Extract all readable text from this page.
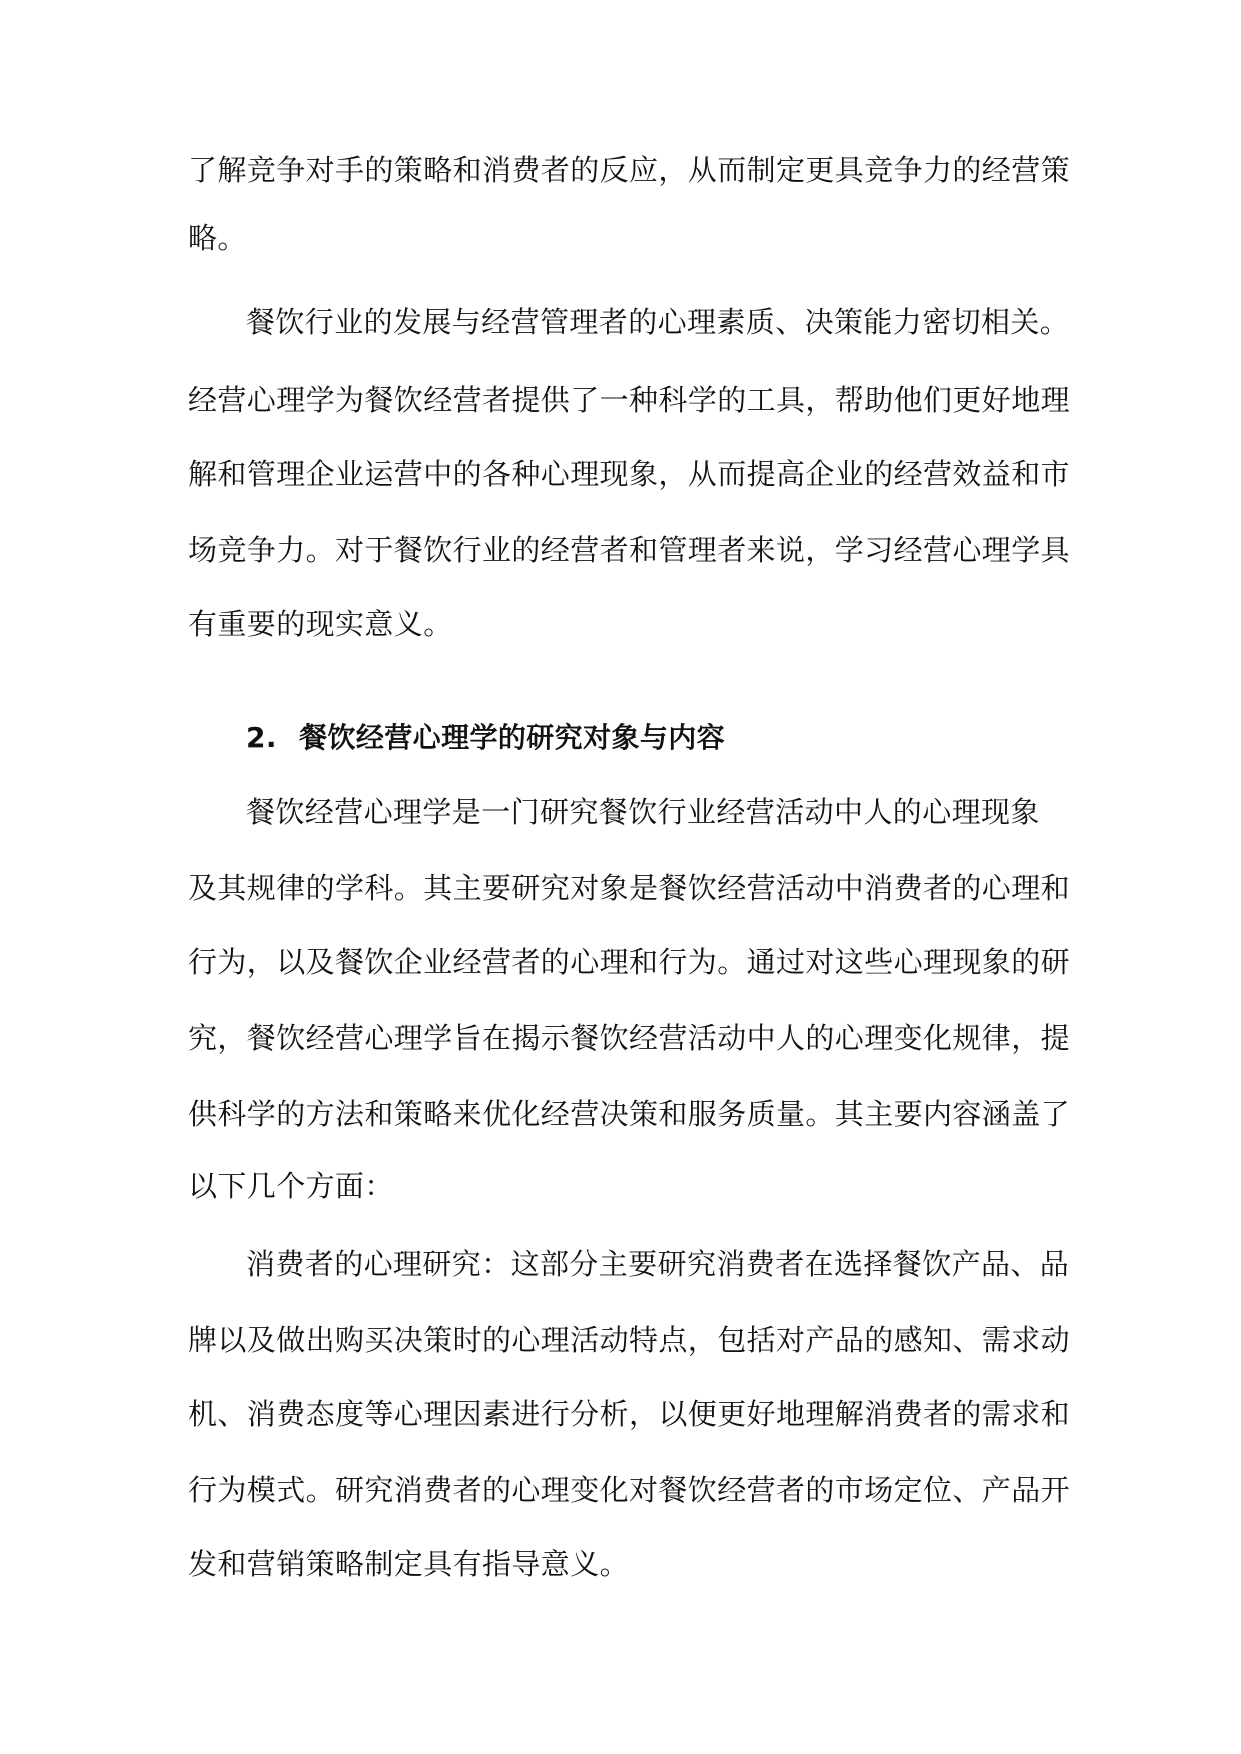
了解竞争对手的策略和消费者的反应，从而制定更具竞争力的经营策
略。
餐饮行业的发展与经营管理者的心理素质、决策能力密切相关。
经营心理学为餐饮经营者提供了一种科学的工具，帮助他们更好地理
解和管理企业运营中的各种心理现象，从而提高企业的经营效益和市
场竞争力。对于餐饮行业的经营者和管理者来说，学习经营心理学具
有重要的现实意义。
2. 餐饮经营心理学的研究对象与内容
餐饮经营心理学是一门研究餐饮行业经营活动中人的心理现象
及其规律的学科。其主要研究对象是餐饮经营活动中消费者的心理和
行为，以及餐饮企业经营者的心理和行为。通过对这些心理现象的研
究，餐饮经营心理学旨在揭示餐饮经营活动中人的心理变化规律，提
供科学的方法和策略来优化经营决策和服务质量。其主要内容涵盖了
以下几个方面：
消费者的心理研究：这部分主要研究消费者在选择餐饮产品、品
牌以及做出购买决策时的心理活动特点，包括对产品的感知、需求动
机、消费态度等心理因素进行分析，以便更好地理解消费者的需求和
行为模式。研究消费者的心理变化对餐饮经营者的市场定位、产品开
发和营销策略制定具有指导意义。
